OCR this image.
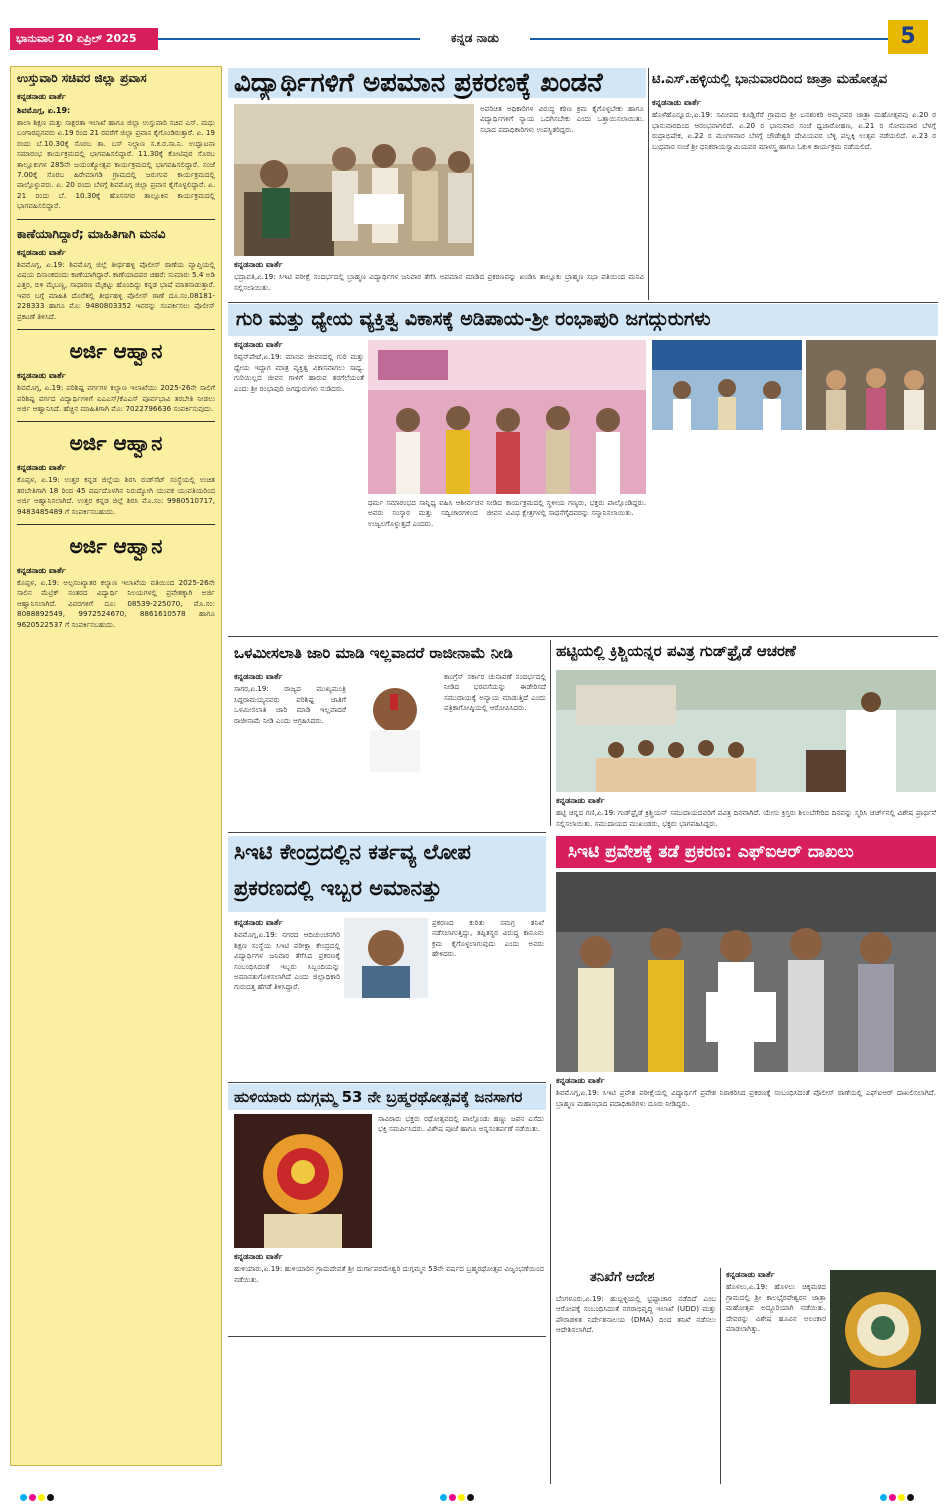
ಭಾನುವಾರ 20 ಏಪ್ರಿಲ್ 2025	ಕನ್ನಡ ನಾಡು	5
ಉಸ್ತುವಾರಿ ಸಚಿವರ ಜಿಲ್ಲಾ ಪ್ರವಾಸ
ಕನ್ನಡನಾಡು ವಾರ್ತೆ
ಶಿವಮೊಗ್ಗ, ಏ.19:
ಶಾಲಾ ಶಿಕ್ಷಣ ಮತ್ತು ಸಾಕ್ಷರತಾ ಇಲಾಖೆ ಹಾಗೂ ಜಿಲ್ಲಾ ಉಸ್ತುವಾರಿ ಸಚಿವ ಎಸ್. ಮಧು ಬಂಗಾರಪ್ಪನವರು ಏ.19 ರಿಂದ 21 ರವರೆಗೆ ಜಿಲ್ಲಾ ಪ್ರವಾಸ ಕೈಗೊಂಡಿರುತ್ತಾರೆ. ಏ. 19 ರಂದು ಬೆ.10.30ಕ್ಕೆ ಸೊರಬ ತಾ. ಬಸ್ ನಿಲ್ದಾಣ ಸ.ಕ.ರ.ಸಾ.ನಿ. ಉದ್ಘಾಟನಾ ಸಮಾರಂಭ ಕಾರ್ಯಕ್ರಮದಲ್ಲಿ ಭಾಗವಹಿಸಲಿದ್ದಾರೆ. 11.30ಕ್ಕೆ ಕೋಟಿಪುರ ಸೊರಬ ತಾಲ್ಲೂಕುಗಳ 285ನೇ ಜಯಂತ್ಯೋತ್ಸವ ಕಾರ್ಯಕ್ರಮದಲ್ಲಿ ಭಾಗವಹಿಸಲಿದ್ದಾರೆ. ಸಂಜೆ 7.00ಕ್ಕೆ ಸೊರಬ ಹಿರೇಮಾಗಡಿ ಗ್ರಾಮದಲ್ಲಿ ಜರುಗುವ ಕಾರ್ಯಕ್ರಮದಲ್ಲಿ ಪಾಲ್ಗೊಳ್ಳುವರು. ಏ. 20 ರಂದು ಬೆಳಗ್ಗೆ ಶಿವಮೊಗ್ಗ ಜಿಲ್ಲಾ ಪ್ರವಾಸ ಕೈಗೊಳ್ಳಲಿದ್ದಾರೆ. ಏ. 21 ರಂದು ಬೆ. 10.30ಕ್ಕೆ ಹೊಸನಗರ ತಾಲ್ಲೂಕಿನ ಕಾರ್ಯಕ್ರಮದಲ್ಲಿ ಭಾಗವಹಿಸಲಿದ್ದಾರೆ.
ಕಾಣೆಯಾಗಿದ್ದಾರೆ; ಮಾಹಿತಿಗಾಗಿ ಮನವಿ
ಕನ್ನಡನಾಡು ವಾರ್ತೆ
ಶಿವಮೊಗ್ಗ, ಏ.19: ಶಿವಮೊಗ್ಗ ಜಿಲ್ಲೆ ತೀರ್ಥಹಳ್ಳಿ ಪೊಲೀಸ್ ಠಾಣೆಯ ವ್ಯಾಪ್ತಿಯಲ್ಲಿ ವಿಷಯ ದಿನಾಂಕದಂದು ಕಾಣೆಯಾಗಿದ್ದಾರೆ. ಕಾಣೆಯಾದವರ ಚಹರೆ: ಸುಮಾರು 5.4 ಅಡಿ ಎತ್ತರ, ಬಿಳಿ ಮೈಬಣ್ಣ, ಸಾಧಾರಣ ಮೈಕಟ್ಟು ಹೊಂದಿದ್ದು ಕನ್ನಡ ಭಾಷೆ ಮಾತನಾಡುತ್ತಾರೆ. ಇವರ ಬಗ್ಗೆ ಮಾಹಿತಿ ದೊರೆತಲ್ಲಿ ತೀರ್ಥಹಳ್ಳಿ ಪೊಲೀಸ್ ಠಾಣೆ ದೂ.ಸಂ.08181-228333 ಹಾಗೂ ಮೊ: 9480803352 ಇವರನ್ನು ಸಂಪರ್ಕಿಸಲು ಪೊಲೀಸ್ ಪ್ರಕಟಣೆ ತಿಳಿಸಿದೆ.
ಅರ್ಜಿ ಆಹ್ವಾನ
ಕನ್ನಡನಾಡು ವಾರ್ತೆ
ಶಿವಮೊಗ್ಗ, ಏ.19: ಪರಿಶಿಷ್ಟ ವರ್ಗಗಳ ಕಲ್ಯಾಣ ಇಲಾಖೆಯು 2025-26ನೇ ಸಾಲಿಗೆ ಪರಿಶಿಷ್ಟ ವರ್ಗದ ವಿದ್ಯಾರ್ಥಿಗಳಿಗೆ ಐಎಎಸ್/ಕೆಎಎಸ್ ಪೂರ್ವಭಾವಿ ತರಬೇತಿ ನೀಡಲು ಅರ್ಜಿ ಆಹ್ವಾನಿಸಿದೆ. ಹೆಚ್ಚಿನ ಮಾಹಿತಿಗಾಗಿ ಮೊ: 7022796636 ಸಂಪರ್ಕಿಸುವುದು.
ಅರ್ಜಿ ಆಹ್ವಾನ
ಕನ್ನಡನಾಡು ವಾರ್ತೆ
ಕೊಪ್ಪಳ, ಏ.19: ಉತ್ತರ ಕನ್ನಡ ಜಿಲ್ಲೆಯ ಶಿರಸಿ ರುಡ್‌ಸೆಟ್ ಸಂಸ್ಥೆಯಲ್ಲಿ ಉಚಿತ ತರಬೇತಿಗಾಗಿ 18 ರಿಂದ 45 ವರ್ಷದೊಳಗಿನ ನಿರುದ್ಯೋಗಿ ಯುವಕ ಯುವತಿಯರಿಂದ ಅರ್ಜಿ ಆಹ್ವಾನಿಸಲಾಗಿದೆ. ಉತ್ತರ ಕನ್ನಡ ಜಿಲ್ಲೆ ಶಿರಸಿ ಮೊ.ಸಂ: 9980510717, 9483485489 ಗೆ ಸಂಪರ್ಕಿಸಬಹುದು.
ಅರ್ಜಿ ಆಹ್ವಾನ
ಕನ್ನಡನಾಡು ವಾರ್ತೆ
ಕೊಪ್ಪಳ, ಏ.19: ಅಲ್ಪಸಂಖ್ಯಾತರ ಕಲ್ಯಾಣ ಇಲಾಖೆಯ ವತಿಯಿಂದ 2025-26ನೇ ಸಾಲಿನ ಮೆಟ್ರಿಕ್ ನಂತರದ ವಿದ್ಯಾರ್ಥಿ ನಿಲಯಗಳಲ್ಲಿ ಪ್ರವೇಶಕ್ಕಾಗಿ ಅರ್ಜಿ ಆಹ್ವಾನಿಸಲಾಗಿದೆ. ವಿವರಗಳಿಗೆ ದೂ: 08539-225070, ಮೊ.ಸಂ: 8088892549, 9972524670, 8861610578 ಹಾಗೂ 9620522537 ಗೆ ಸಂಪರ್ಕಿಸಬಹುದು.
ವಿದ್ಯಾರ್ಥಿಗಳಿಗೆ ಅಪಮಾನ ಪ್ರಕರಣಕ್ಕೆ ಖಂಡನೆ
ಅಪರಿಚಿತ ಅಧಿಕಾರಿಗಳ ವಿರುದ್ಧ ಕಠಿಣ ಕ್ರಮ ಕೈಗೊಳ್ಳಬೇಕು ಹಾಗೂ ವಿದ್ಯಾರ್ಥಿಗಳಿಗೆ ನ್ಯಾಯ ಒದಗಿಸಬೇಕು ಎಂದು ಒತ್ತಾಯಿಸಲಾಯಿತು. ಸಭಾದ ಪದಾಧಿಕಾರಿಗಳು ಉಪಸ್ಥಿತರಿದ್ದರು.
ಕನ್ನಡನಾಡು ವಾರ್ತೆ
ಭದ್ರಾವತಿ,ಏ.19: ಸಿಇಟಿ ಪರೀಕ್ಷೆ ಸಂದರ್ಭದಲ್ಲಿ ಬ್ರಾಹ್ಮಣ ವಿದ್ಯಾರ್ಥಿಗಳ ಜನಿವಾರ ತೆಗೆಸಿ ಅಪಮಾನ ಮಾಡಿದ ಪ್ರಕರಣವನ್ನು ಖಂಡಿಸಿ ತಾಲ್ಲೂಕು ಬ್ರಾಹ್ಮಣ ಸಭಾ ವತಿಯಿಂದ ಮನವಿ ಸಲ್ಲಿಸಲಾಯಿತು.
ಟಿ.ಎಸ್.ಹಳ್ಳಿಯಲ್ಲಿ ಭಾನುವಾರದಿಂದ ಜಾತ್ರಾ ಮಹೋತ್ಸವ
ಕನ್ನಡನಾಡು ವಾರ್ತೆ
ಹೊಳೆಹೊನ್ನೂರು,ಏ.19: ಸಮೀಪದ ಕೂಡ್ಲಿಗೆರೆ ಗ್ರಾಮದ ಶ್ರೀ ಬನಶಂಕರಿ ಅಮ್ಮನವರ ಜಾತ್ರಾ ಮಹೋತ್ಸವವು ಏ.20 ರ ಭಾನುವಾರದಿಂದ ಆರಂಭವಾಗಲಿದೆ. ಏ.20 ರ ಭಾನುವಾರ ಸಂಜೆ ಧ್ವಜಾರೋಹಣ, ಏ.21 ರ ಸೋಮವಾರ ಬೆಳಗ್ಗೆ ರುದ್ರಾಭಿಷೇಕ, ಏ.22 ರ ಮಂಗಳವಾರ ಬೆಳಗ್ಗೆ ಚೌಡೇಶ್ವರಿ ದೇವಿಯವರ ಬೆಳ್ಳಿ ಪಲ್ಲಕ್ಕಿ ಉತ್ಸವ ನಡೆಯಲಿದೆ. ಏ.23 ರ ಬುಧವಾರ ಸಂಜೆ ಶ್ರೀ ಧನಿಕರಾಯಸ್ವಾಮಿಯವರ ಮಾಳಸ್ತ್ರ ಹಾಗೂ ಓಕುಳಿ ಕಾರ್ಯಕ್ರಮ ನಡೆಯಲಿದೆ.
ಗುರಿ ಮತ್ತು ಧ್ಯೇಯ ವ್ಯಕ್ತಿತ್ವ ವಿಕಾಸಕ್ಕೆ ಅಡಿಪಾಯ-ಶ್ರೀ ರಂಭಾಪುರಿ ಜಗದ್ಗುರುಗಳು
ಕನ್ನಡನಾಡು ವಾರ್ತೆ
ರಿಪ್ಪನ್‌ಪೇಟೆ,ಏ.19: ಮಾನವ ಜೀವನದಲ್ಲಿ ಗುರಿ ಮತ್ತು ಧ್ಯೇಯ ಇದ್ದಾಗ ಮಾತ್ರ ವ್ಯಕ್ತಿತ್ವ ವಿಕಾಸವಾಗಲು ಸಾಧ್ಯ. ಗುರಿಯಿಲ್ಲದ ಜೀವನ ಗಾಳಿಗೆ ಹಾರುವ ತರಗೆಲೆಯಂತೆ ಎಂದು ಶ್ರೀ ರಂಭಾಪುರಿ ಜಗದ್ಗುರುಗಳು ನುಡಿದರು.
ಧರ್ಮ ಸಮಾರಂಭದ ಸಾನ್ನಿಧ್ಯ ವಹಿಸಿ ಆಶೀರ್ವಚನ ನೀಡಿದ ಅವರು ಸಂಸ್ಕಾರ ಮತ್ತು ಸದ್ವಿಚಾರಗಳಿಂದ ಜೀವನ ಉಜ್ವಲಗೊಳ್ಳುತ್ತದೆ ಎಂದರು.
ಕಾರ್ಯಕ್ರಮದಲ್ಲಿ ಸ್ಥಳೀಯ ಗಣ್ಯರು, ಭಕ್ತರು ಪಾಲ್ಗೊಂಡಿದ್ದರು. ವಿವಿಧ ಕ್ಷೇತ್ರಗಳಲ್ಲಿ ಸಾಧನೆಗೈದವರನ್ನು ಸನ್ಮಾನಿಸಲಾಯಿತು.
ಒಳಮೀಸಲಾತಿ ಜಾರಿ ಮಾಡಿ ಇಲ್ಲವಾದರೆ ರಾಜೀನಾಮೆ ನೀಡಿ
ಕನ್ನಡನಾಡು ವಾರ್ತೆ
ಸಾಗರ,ಏ.19: ರಾಜ್ಯದ ಮುಖ್ಯಮಂತ್ರಿ ಸಿದ್ದರಾಮಯ್ಯನವರು ಪರಿಶಿಷ್ಟ ಜಾತಿಗೆ ಒಳಮೀಸಲಾತಿ ಜಾರಿ ಮಾಡಿ ಇಲ್ಲವಾದರೆ ರಾಜೀನಾಮೆ ನೀಡಿ ಎಂದು ಆಗ್ರಹಿಸಿದರು.
ಕಾಂಗ್ರೆಸ್ ಸರ್ಕಾರ ಚುನಾವಣೆ ಸಂದರ್ಭದಲ್ಲಿ ನೀಡಿದ ಭರವಸೆಯನ್ನು ಈಡೇರಿಸದೆ ಸಮುದಾಯಕ್ಕೆ ಅನ್ಯಾಯ ಮಾಡುತ್ತಿದೆ ಎಂದು ಪತ್ರಿಕಾಗೋಷ್ಠಿಯಲ್ಲಿ ಆರೋಪಿಸಿದರು.
ಹಟ್ಟಿಯಲ್ಲಿ ಕ್ರಿಶ್ಚಿಯನ್ನರ ಪವಿತ್ರ ಗುಡ್‌ಫ್ರೈಡೆ ಆಚರಣೆ
ಕನ್ನಡನಾಡು ವಾರ್ತೆ
ಹಟ್ಟಿ ಚಿನ್ನದ ಗಣಿ,ಏ.19: ಗುಡ್‌ಫ್ರೈಡೆ ಕ್ರಿಶ್ಚಿಯನ್ ಸಮುದಾಯದವರಿಗೆ ಪವಿತ್ರ ದಿನವಾಗಿದೆ. ಯೇಸು ಕ್ರಿಸ್ತರು ಶಿಲುಬೆಗೇರಿದ ದಿನವನ್ನು ಸ್ಮರಿಸಿ ಚರ್ಚ್‌ನಲ್ಲಿ ವಿಶೇಷ ಪ್ರಾರ್ಥನೆ ಸಲ್ಲಿಸಲಾಯಿತು. ಸಮುದಾಯದ ಮುಖಂಡರು, ಭಕ್ತರು ಭಾಗವಹಿಸಿದ್ದರು.
ಸಿಇಟಿ ಕೇಂದ್ರದಲ್ಲಿನ ಕರ್ತವ್ಯ ಲೋಪ
ಪ್ರಕರಣದಲ್ಲಿ ಇಬ್ಬರ ಅಮಾನತ್ತು
ಕನ್ನಡನಾಡು ವಾರ್ತೆ
ಶಿವಮೊಗ್ಗ,ಏ.19: ನಗರದ ಆದಿಚುಂಚನಗಿರಿ ಶಿಕ್ಷಣ ಸಂಸ್ಥೆಯ ಸಿಇಟಿ ಪರೀಕ್ಷಾ ಕೇಂದ್ರದಲ್ಲಿ ವಿದ್ಯಾರ್ಥಿಗಳ ಜನಿವಾರ ತೆಗೆಸಿದ ಪ್ರಕರಣಕ್ಕೆ ಸಂಬಂಧಿಸಿದಂತೆ ಇಬ್ಬರು ಸಿಬ್ಬಂದಿಯನ್ನು ಅಮಾನತುಗೊಳಿಸಲಾಗಿದೆ ಎಂದು ಜಿಲ್ಲಾಧಿಕಾರಿ ಗುರುದತ್ತ ಹೆಗಡೆ ತಿಳಿಸಿದ್ದಾರೆ.
ಪ್ರಕರಣದ ಕುರಿತು ಸಮಗ್ರ ತನಿಖೆ ನಡೆಸಲಾಗುತ್ತಿದ್ದು, ತಪ್ಪಿತಸ್ಥರ ವಿರುದ್ಧ ಕಾನೂನು ಕ್ರಮ ಕೈಗೊಳ್ಳಲಾಗುವುದು ಎಂದು ಅವರು ಹೇಳಿದರು.
ಸಿಇಟಿ ಪ್ರವೇಶಕ್ಕೆ ತಡೆ ಪ್ರಕರಣ: ಎಫ್‌ಐಆರ್ ದಾಖಲು
ಕನ್ನಡನಾಡು ವಾರ್ತೆ
ಶಿವಮೊಗ್ಗ,ಏ.19: ಸಿಇಟಿ ಪ್ರವೇಶ ಪರೀಕ್ಷೆಯಲ್ಲಿ ವಿದ್ಯಾರ್ಥಿಗೆ ಪ್ರವೇಶ ನಿರಾಕರಿಸಿದ ಪ್ರಕರಣಕ್ಕೆ ಸಂಬಂಧಿಸಿದಂತೆ ಪೊಲೀಸ್ ಠಾಣೆಯಲ್ಲಿ ಎಫ್‌ಐಆರ್ ದಾಖಲಿಸಲಾಗಿದೆ. ಬ್ರಾಹ್ಮಣ ಮಹಾಸಭಾದ ಪದಾಧಿಕಾರಿಗಳು ದೂರು ನೀಡಿದ್ದರು.
ಹುಳಿಯಾರು ದುಗ್ಗಮ್ಮ 53 ನೇ ಬ್ರಹ್ಮರಥೋತ್ಸವಕ್ಕೆ ಜನಸಾಗರ
ಸಾವಿರಾರು ಭಕ್ತರು ರಥೋತ್ಸವದಲ್ಲಿ ಪಾಲ್ಗೊಂಡು ಹಣ್ಣು ಜವನ ಎಸೆದು ಭಕ್ತಿ ಸಮರ್ಪಿಸಿದರು. ವಿಶೇಷ ಪೂಜೆ ಹಾಗೂ ಅನ್ನಸಂತರ್ಪಣೆ ನಡೆಯಿತು.
ಕನ್ನಡನಾಡು ವಾರ್ತೆ
ಹುಳಿಯಾರು,ಏ.19: ಹುಳಿಯಾರಿನ ಗ್ರಾಮದೇವತೆ ಶ್ರೀ ದುರ್ಗಾಪರಮೇಶ್ವರಿ ದುಗ್ಗಮ್ಮನ 53ನೇ ವರ್ಷದ ಬ್ರಹ್ಮರಥೋತ್ಸವ ವಿಜೃಂಭಣೆಯಿಂದ ನಡೆಯಿತು.	ತನಿಖೆಗೆ ಆದೇಶ
ಬೆಂಗಳೂರು,ಏ.19: ಹುಬ್ಬಳ್ಳಿಯಲ್ಲಿ ಭ್ರಷ್ಟಾಚಾರ ನಡೆದಿದೆ ಎಂಬ ಆರೋಪಕ್ಕೆ ಸಂಬಂಧಿಸಿದಂತೆ ನಗರಾಭಿವೃದ್ಧಿ ಇಲಾಖೆ (UDD) ಮತ್ತು ಪೌರಾಡಳಿತ ನಿರ್ದೇಶನಾಲಯ (DMA) ದಿಂದ ತನಿಖೆ ನಡೆಸಲು ಆದೇಶಿಸಲಾಗಿದೆ.
ಕನ್ನಡನಾಡು ವಾರ್ತೆ
ಹೊಳಲು,ಏ.19: ಹೊಳಲು ಚಿಕ್ಕಮಠದ ಗ್ರಾಮದಲ್ಲಿ ಶ್ರೀ ಕಾಲಭೈರವೇಶ್ವರನ ಜಾತ್ರಾ ಮಹೋತ್ಸವ ಅದ್ದೂರಿಯಾಗಿ ನಡೆಯಿತು. ದೇವರನ್ನು ವಿಶೇಷ ಹೂವಿನ ಅಲಂಕಾರ ಮಾಡಲಾಗಿತ್ತು.
